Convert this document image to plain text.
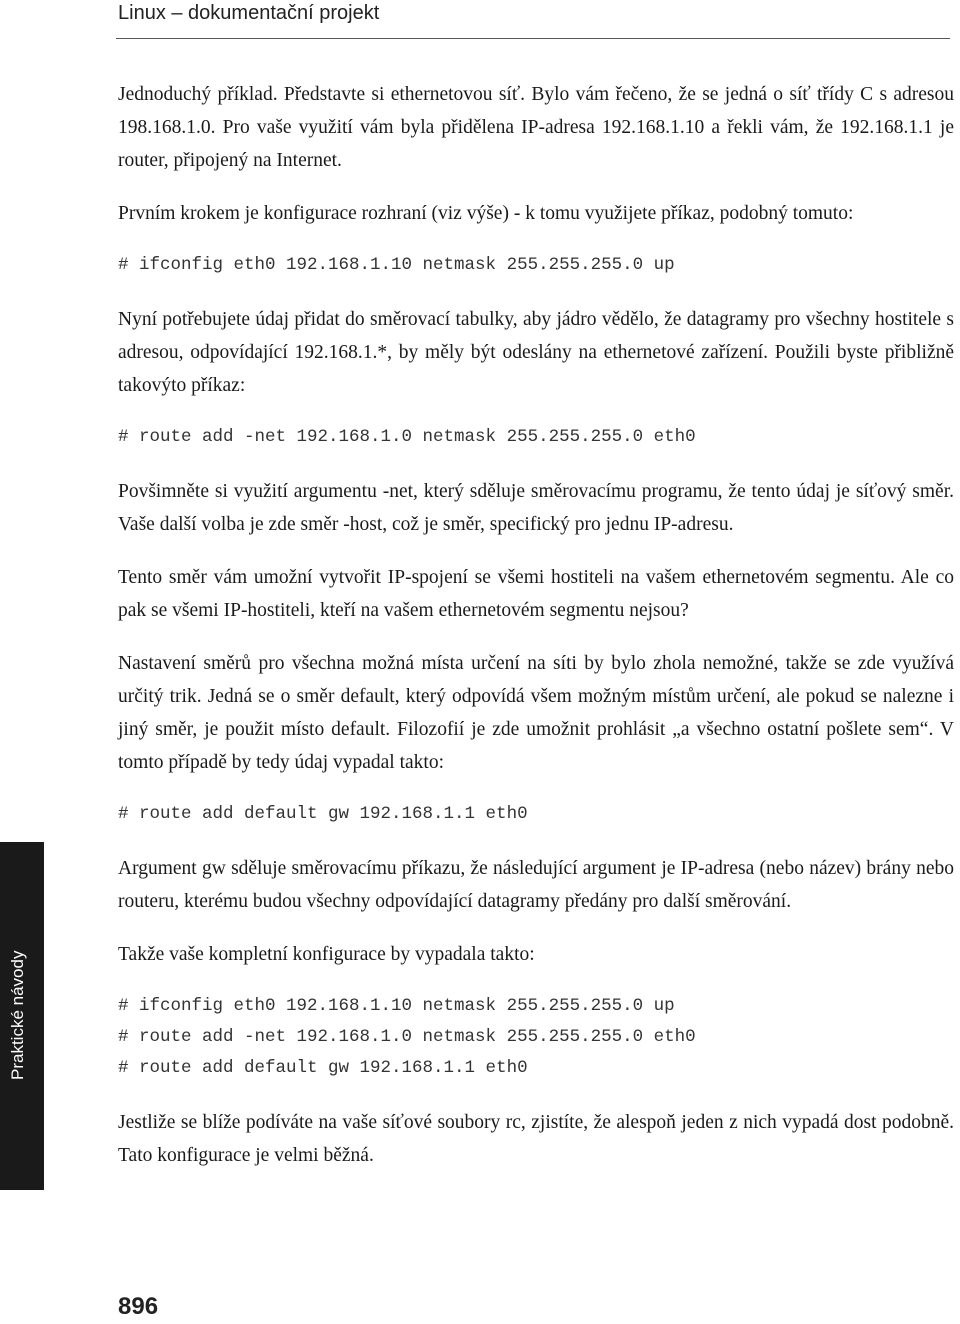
Linux – dokumentační projekt

Jednoduchý příklad. Představte si ethernetovou síť. Bylo vám řečeno, že se jedná o síť třídy C s adresou 198.168.1.0. Pro vaše využití vám byla přidělena IP-adresa 192.168.1.10 a řekli vám, že 192.168.1.1 je router, připojený na Internet.

Prvním krokem je konfigurace rozhraní (viz výše) - k tomu využijete příkaz, podobný tomuto:

# ifconfig eth0 192.168.1.10 netmask 255.255.255.0 up

Nyní potřebujete údaj přidat do směrovací tabulky, aby jádro vědělo, že datagramy pro všechny hostitele s adresou, odpovídající 192.168.1.*, by měly být odeslány na ethernetové zařízení. Použili byste přibližně takovýto příkaz:

# route add -net 192.168.1.0 netmask 255.255.255.0 eth0

Povšimněte si využití argumentu -net, který sděluje směrovacímu programu, že tento údaj je síťový směr. Vaše další volba je zde směr -host, což je směr, specifický pro jednu IP-adresu.

Tento směr vám umožní vytvořit IP-spojení se všemi hostiteli na vašem ethernetovém segmentu. Ale co pak se všemi IP-hostiteli, kteří na vašem ethernetovém segmentu nejsou?

Nastavení směrů pro všechna možná místa určení na síti by bylo zhola nemožné, takže se zde využívá určitý trik. Jedná se o směr default, který odpovídá všem možným místům určení, ale pokud se nalezne i jiný směr, je použit místo default. Filozofií je zde umožnit prohlásit „a všechno ostatní pošlete sem“. V tomto případě by tedy údaj vypadal takto:

# route add default gw 192.168.1.1 eth0

Argument gw sděluje směrovacímu příkazu, že následující argument je IP-adresa (nebo název) brány nebo routeru, kterému budou všechny odpovídající datagramy předány pro další směrování.

Takže vaše kompletní konfigurace by vypadala takto:

# ifconfig eth0 192.168.1.10 netmask 255.255.255.0 up
# route add -net 192.168.1.0 netmask 255.255.255.0 eth0
# route add default gw 192.168.1.1 eth0

Jestliže se blíže podíváte na vaše síťové soubory rc, zjistíte, že alespoň jeden z nich vypadá dost podobně. Tato konfigurace je velmi běžná.

Praktické návody
896
